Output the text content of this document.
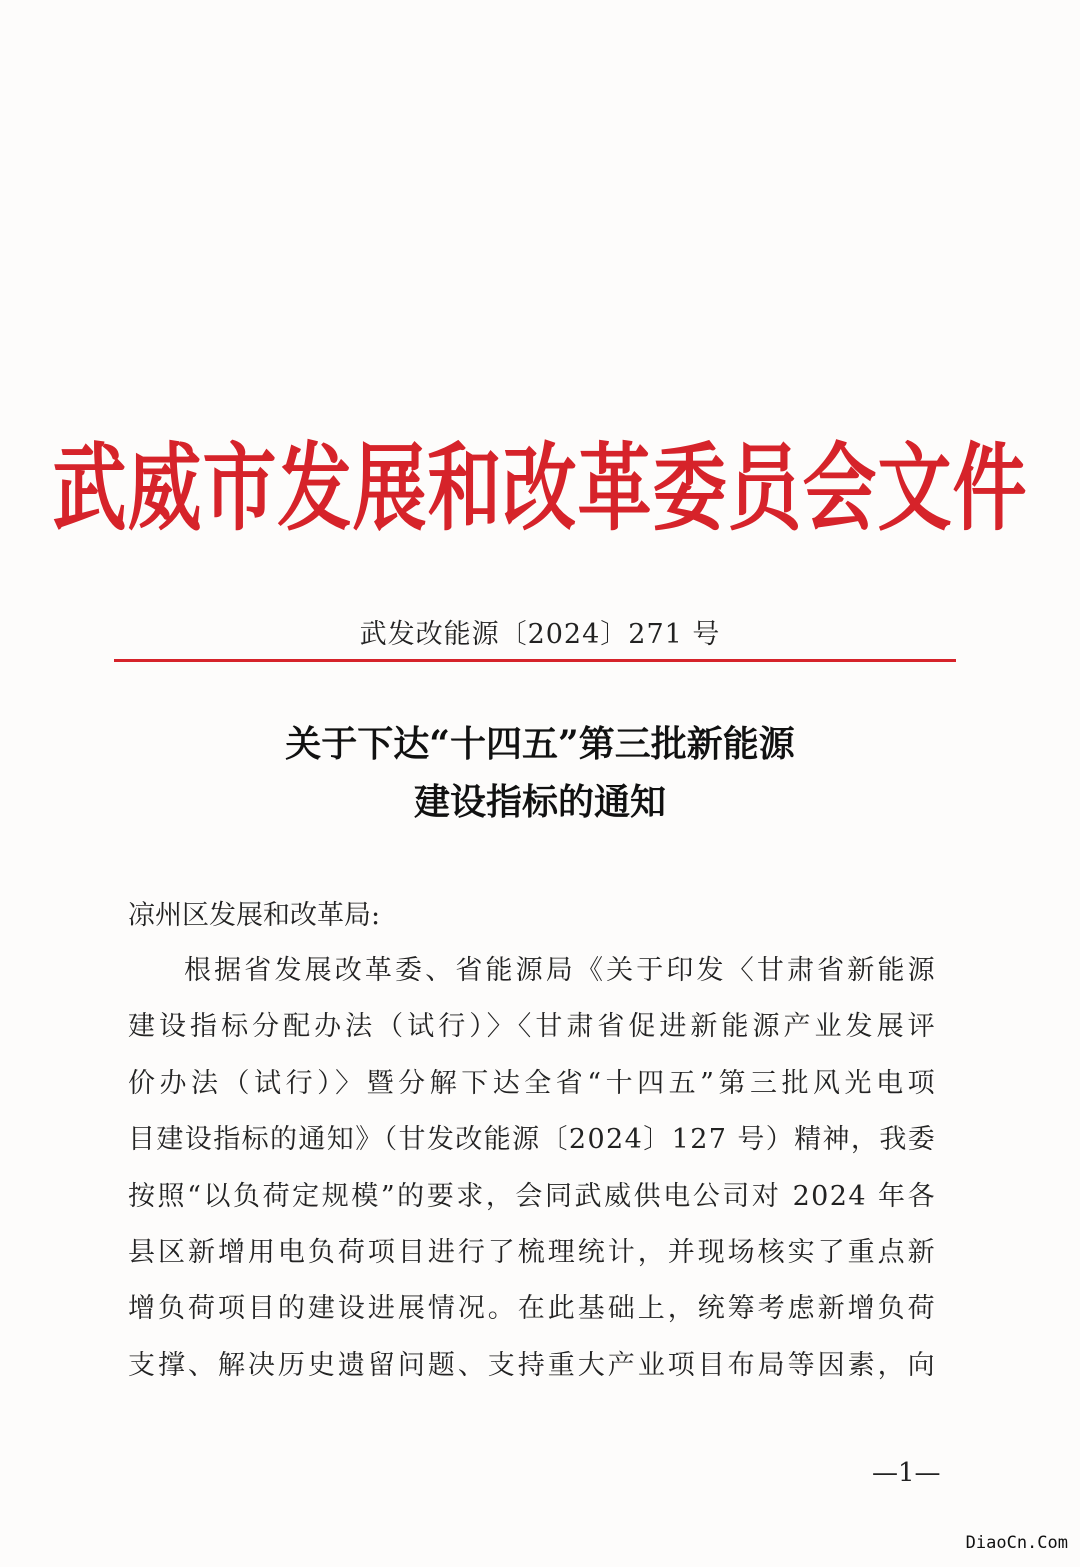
武威市发展和改革委员会文件
武发改能源〔2024〕271 号
关于下达“十四五”第三批新能源
建设指标的通知
凉州区发展和改革局:
根据省发展改革委、省能源局《关于印发〈甘肃省新能源
建设指标分配办法（试行）〉〈甘肃省促进新能源产业发展评
价办法（试行）〉暨分解下达全省“十四五”第三批风光电项
目建设指标的通知》（甘发改能源〔2024〕127 号）精神，我委
按照“以负荷定规模”的要求，会同武威供电公司对 2024 年各
县区新增用电负荷项目进行了梳理统计，并现场核实了重点新
增负荷项目的建设进展情况。在此基础上，统筹考虑新增负荷
支撑、解决历史遗留问题、支持重大产业项目布局等因素，向
—1—
DiaoCn.Com
